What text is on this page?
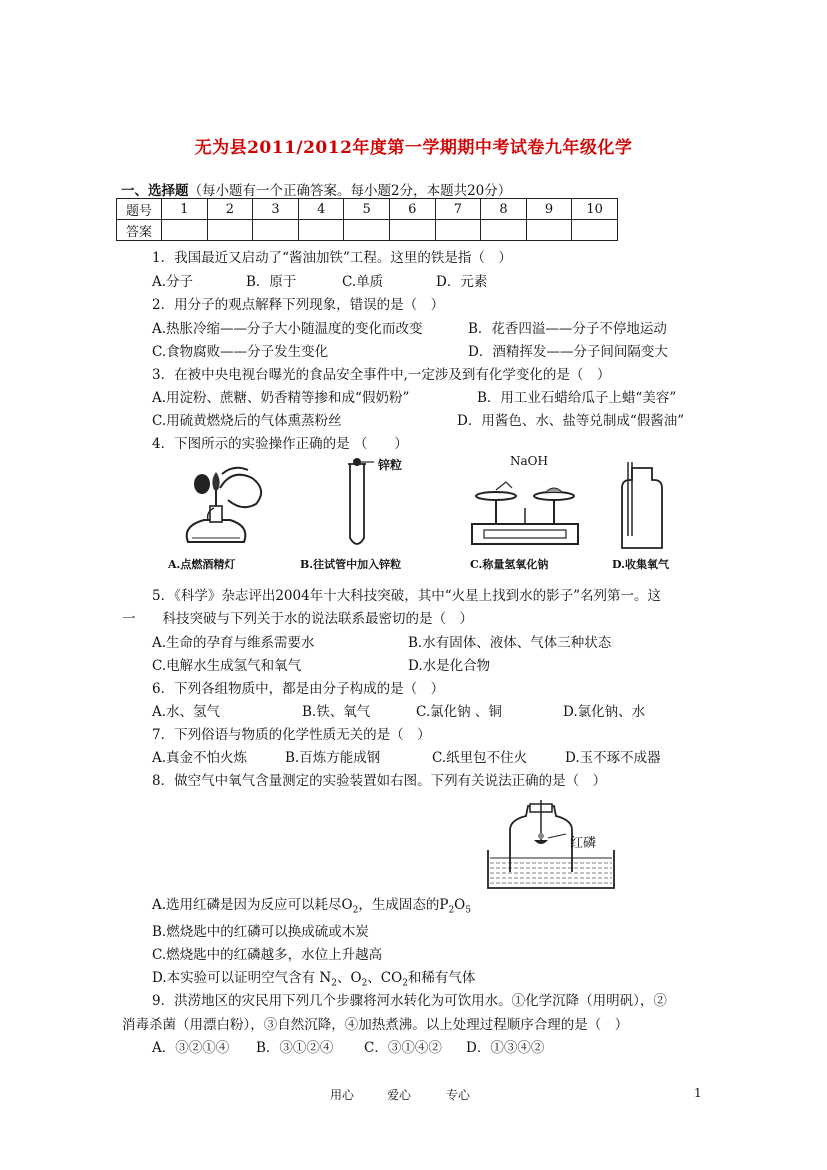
无为县2011/2012年度第一学期期中考试卷九年级化学
一、选择题（每小题有一个正确答案。每小题2分，本题共20分）
题号	1	2	3	4	5	6	7	8	9	10
答案										
1．我国最近又启动了“酱油加铁”工程。这里的铁是指（　）
A.分子	B．原于	C.单质	D．元素
2．用分子的观点解释下列现象，错误的是（　）
A.热胀冷缩——分子大小随温度的变化而改变	B．花香四溢——分子不停地运动
C.食物腐败——分子发生变化	D．酒精挥发——分子间间隔变大
3．在被中央电视台曝光的食品安全事件中,一定涉及到有化学变化的是（　）
A.用淀粉、蔗糖、奶香精等掺和成“假奶粉”	B．用工业石蜡给瓜子上蜡“美容”
C.用硫黄燃烧后的气体熏蒸粉丝	D．用酱色、水、盐等兑制成“假酱油”
4．下图所示的实验操作正确的是 （　　）
A.点燃酒精灯
锌粒
B.往试管中加入锌粒
NaOH
C.称量氢氧化钠	D.收集氧气
5．《科学》杂志评出2004年十大科技突破，其中“火星上找到水的影子”名列第一。这
一　　科技突破与下列关于水的说法联系最密切的是（　）
A.生命的孕育与维系需要水	B.水有固体、液体、气体三种状态
C.电解水生成氢气和氧气	D.水是化合物
6．下列各组物质中，都是由分子构成的是（　）
A.水、氢气	B.铁、氧气	C.氯化钠 、铜	D.氯化钠、水
7．下列俗语与物质的化学性质无关的是（　）
A.真金不怕火炼	B.百炼方能成钢	C.纸里包不住火	D.玉不琢不成器
8．做空气中氧气含量测定的实验装置如右图。下列有关说法正确的是（　）
红磷
A.选用红磷是因为反应可以耗尽$O_2$，生成固态的$P_2O_5$
B.燃烧匙中的红磷可以换成硫或木炭
C.燃烧匙中的红磷越多，水位上升越高
D.本实验可以证明空气含有 $N_2$、$O_2$、$CO_2$和稀有气体
9．洪涝地区的灾民用下列几个步骤将河水转化为可饮用水。①化学沉降（用明矾），②
消毒杀菌（用漂白粉），③自然沉降，④加热煮沸。以上处理过程顺序合理的是（　）
A．③②①④ B．③①②④ C．③①④② D．①③④②
用心	爱心	专心	1
